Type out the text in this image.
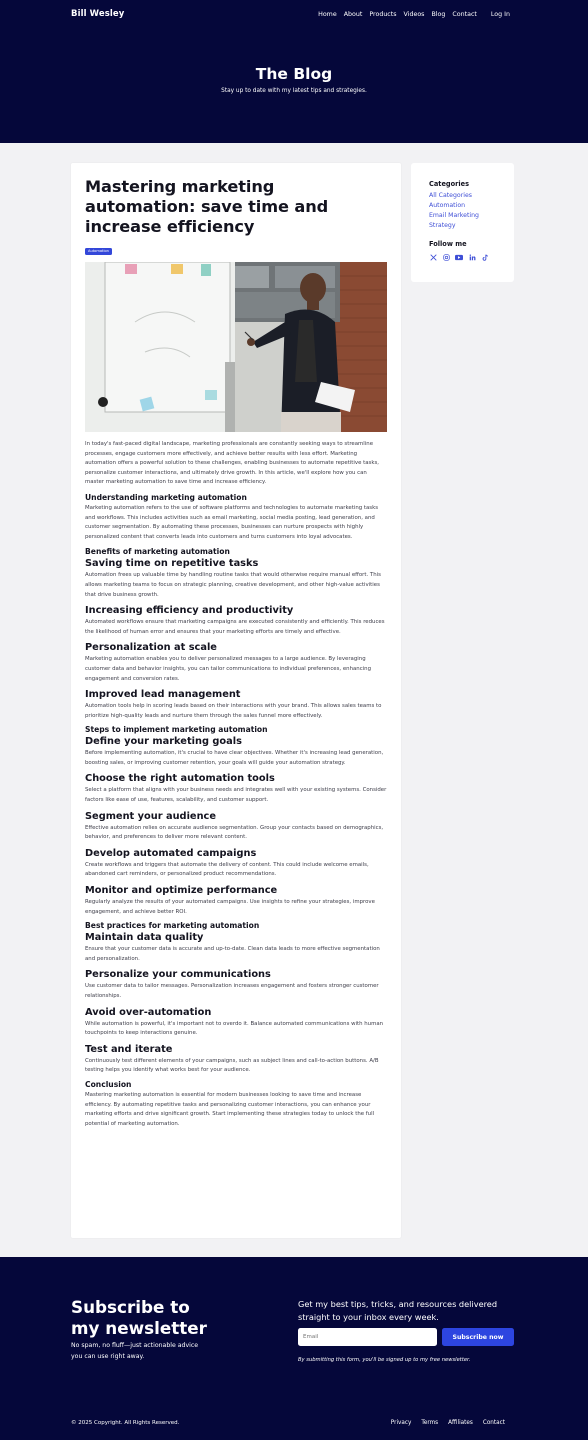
Bill Wesley	Home About Products Videos Blog Contact Log In
The Blog

Stay up to date with my latest tips and strategies.

Mastering marketing automation: save time and increase efficiency
Automation

In today's fast-paced digital landscape, marketing professionals are constantly seeking ways to streamline processes, engage customers more effectively, and achieve better results with less effort. Marketing automation offers a powerful solution to these challenges, enabling businesses to automate repetitive tasks, personalize customer interactions, and ultimately drive growth. In this article, we'll explore how you can master marketing automation to save time and increase efficiency.

Understanding marketing automation

Marketing automation refers to the use of software platforms and technologies to automate marketing tasks and workflows. This includes activities such as email marketing, social media posting, lead generation, and customer segmentation. By automating these processes, businesses can nurture prospects with highly personalized content that converts leads into customers and turns customers into loyal advocates.

Benefits of marketing automation
Saving time on repetitive tasks

Automation frees up valuable time by handling routine tasks that would otherwise require manual effort. This allows marketing teams to focus on strategic planning, creative development, and other high-value activities that drive business growth.

Increasing efficiency and productivity

Automated workflows ensure that marketing campaigns are executed consistently and efficiently. This reduces the likelihood of human error and ensures that your marketing efforts are timely and effective.

Personalization at scale

Marketing automation enables you to deliver personalized messages to a large audience. By leveraging customer data and behavior insights, you can tailor communications to individual preferences, enhancing engagement and conversion rates.

Improved lead management

Automation tools help in scoring leads based on their interactions with your brand. This allows sales teams to prioritize high-quality leads and nurture them through the sales funnel more effectively.

Steps to implement marketing automation
Define your marketing goals

Before implementing automation, it's crucial to have clear objectives. Whether it's increasing lead generation, boosting sales, or improving customer retention, your goals will guide your automation strategy.

Choose the right automation tools

Select a platform that aligns with your business needs and integrates well with your existing systems. Consider factors like ease of use, features, scalability, and customer support.

Segment your audience

Effective automation relies on accurate audience segmentation. Group your contacts based on demographics, behavior, and preferences to deliver more relevant content.

Develop automated campaigns

Create workflows and triggers that automate the delivery of content. This could include welcome emails, abandoned cart reminders, or personalized product recommendations.

Monitor and optimize performance

Regularly analyze the results of your automated campaigns. Use insights to refine your strategies, improve engagement, and achieve better ROI.

Best practices for marketing automation
Maintain data quality

Ensure that your customer data is accurate and up-to-date. Clean data leads to more effective segmentation and personalization.

Personalize your communications

Use customer data to tailor messages. Personalization increases engagement and fosters stronger customer relationships.

Avoid over-automation

While automation is powerful, it's important not to overdo it. Balance automated communications with human touchpoints to keep interactions genuine.

Test and iterate

Continuously test different elements of your campaigns, such as subject lines and call-to-action buttons. A/B testing helps you identify what works best for your audience.

Conclusion

Mastering marketing automation is essential for modern businesses looking to save time and increase efficiency. By automating repetitive tasks and personalizing customer interactions, you can enhance your marketing efforts and drive significant growth. Start implementing these strategies today to unlock the full potential of marketing automation.

Categories
All Categories
Automation
Email Marketing
Strategy
Follow me
Subscribe to
my newsletter

No spam, no fluff—just actionable advice you can use right away.

Get my best tips, tricks, and resources delivered straight to your inbox every week.

Email
Subscribe now

By submitting this form, you'll be signed up to my free newsletter.

© 2025 Copyright. All Rights Reserved.	Privacy Terms Affiliates Contact
